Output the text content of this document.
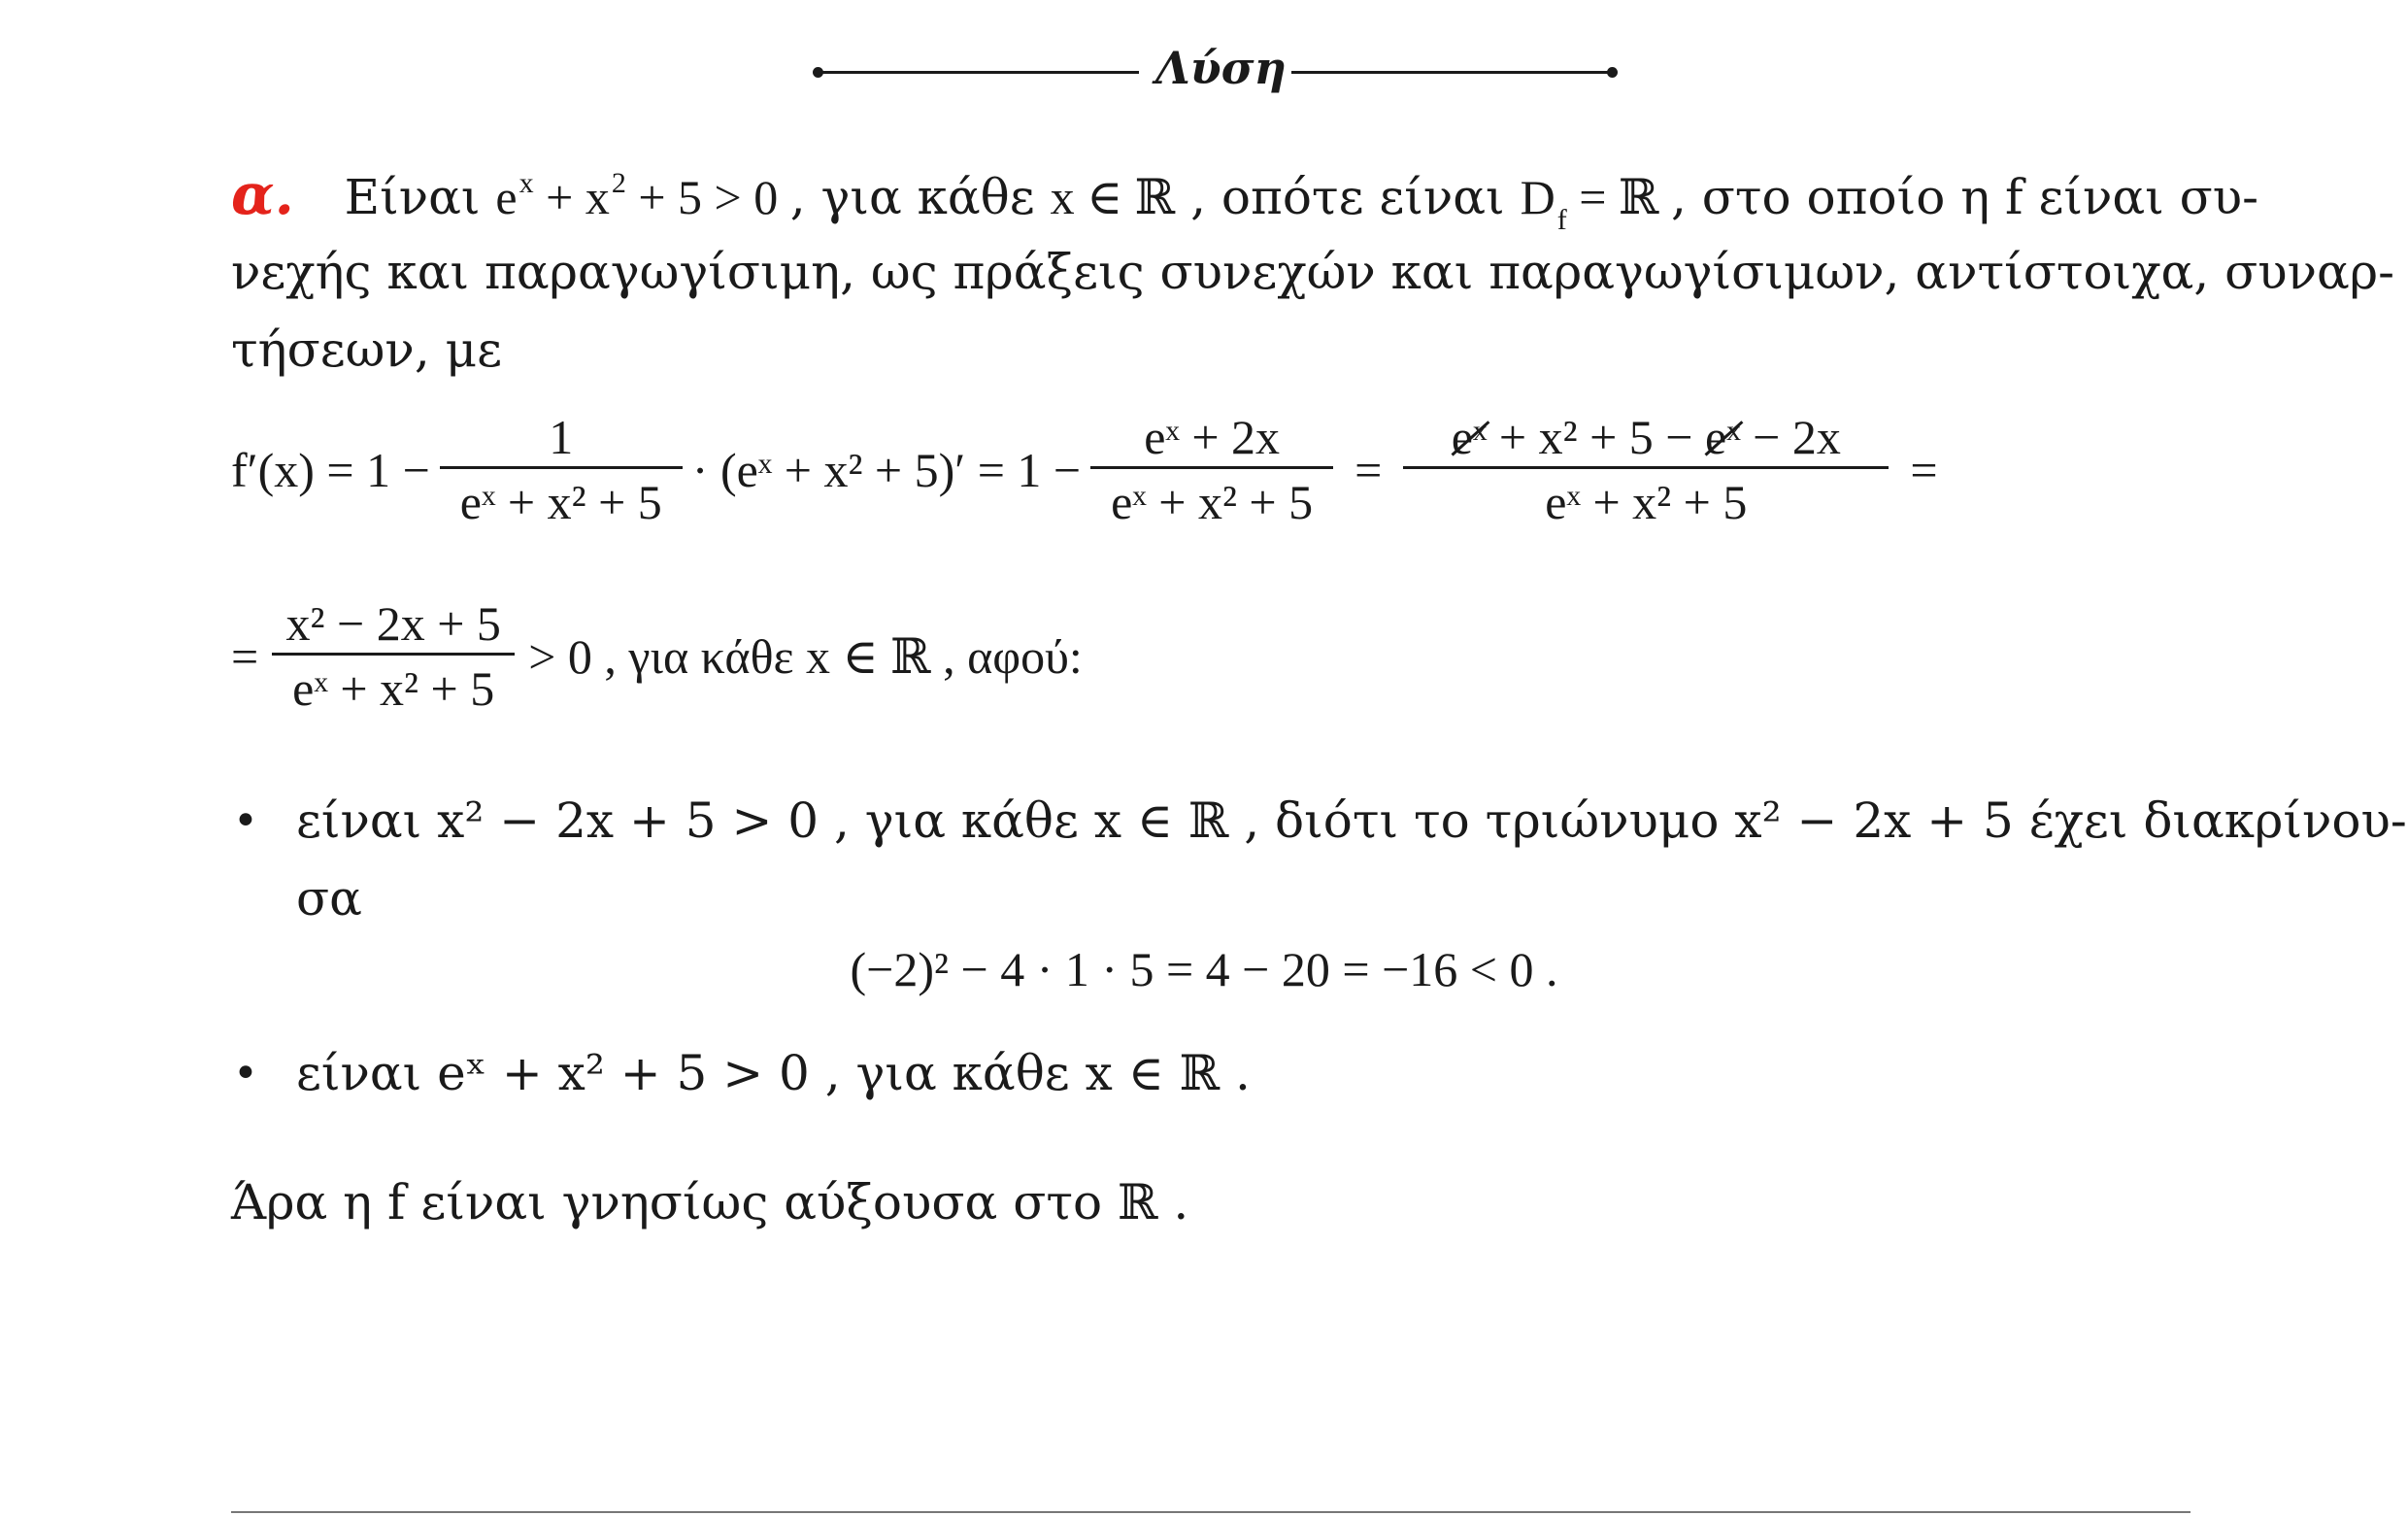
Λύση
α. Είναι $e^x + x^2 + 5 > 0$ , για κάθε x ∈ ℝ , οπότε είναι $D_f$ = ℝ , στο οποίο η f είναι συ-
νεχής και παραγωγίσιμη, ως πράξεις συνεχών και παραγωγίσιμων, αντίστοιχα, συναρ-
τήσεων, με
$f'(x) = 1 - \frac{1}{\text{eˣ + x² + 5}}$ · (eˣ + $x^2 + 5)' = 1 - \frac{\text{eˣ + 2x}}{\text{eˣ + x² + 5}} = \frac{\text{eˣ + x² + 5 − eˣ − 2x}}{\text{eˣ + x² + 5}}$ =
= $\frac{\text{x² − 2x + 5}}{\text{eˣ + x² + 5}} > 0$ , για κάθε x ∈ ℝ , αφού:
• είναι x² − 2x + 5 > 0 , για κάθε x ∈ ℝ , διότι το τριώνυμο x² − 2x + 5 έχει διακρίνου-
σα
(−2)² − 4 · 1 · 5 = 4 − 20 = −16 < 0 .
• είναι eˣ + x² + 5 > 0 , για κάθε x ∈ ℝ .
Άρα η f είναι γνησίως αύξουσα στο ℝ .
